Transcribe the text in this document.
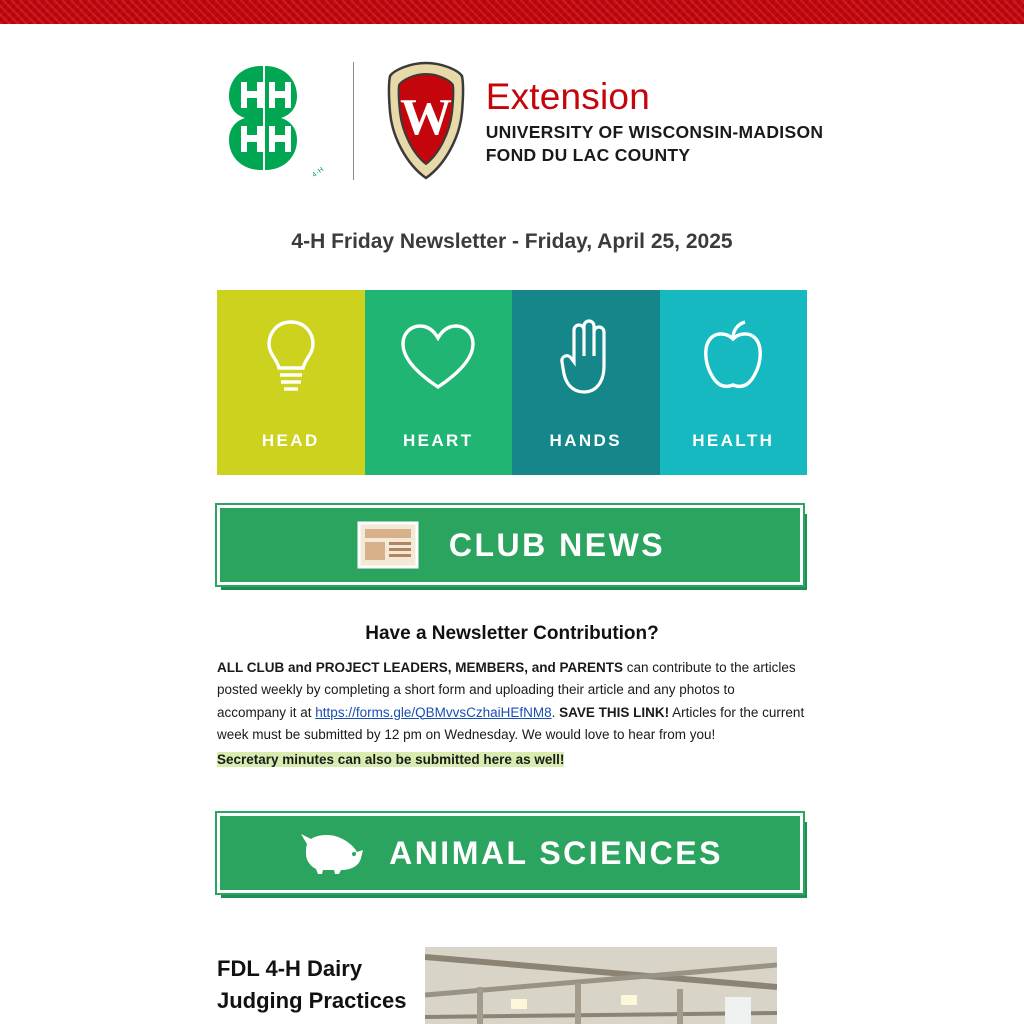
4-H
W Extension
UNIVERSITY OF WISCONSIN-MADISON
FOND DU LAC COUNTY
4-H Friday Newsletter - Friday, April 25, 2025
HEAD	HEART	HANDS	HEALTH
CLUB NEWS
Have a Newsletter Contribution?

ALL CLUB and PROJECT LEADERS, MEMBERS, and PARENTS can contribute to the articles posted weekly by completing a short form and uploading their article and any photos to accompany it at https://forms.gle/QBMvvsCzhaiHEfNM8. SAVE THIS LINK! Articles for the current week must be submitted by 12 pm on Wednesday. We would love to hear from you!

Secretary minutes can also be submitted here as well!

ANIMAL SCIENCES
FDL 4-H Dairy Judging Practices
